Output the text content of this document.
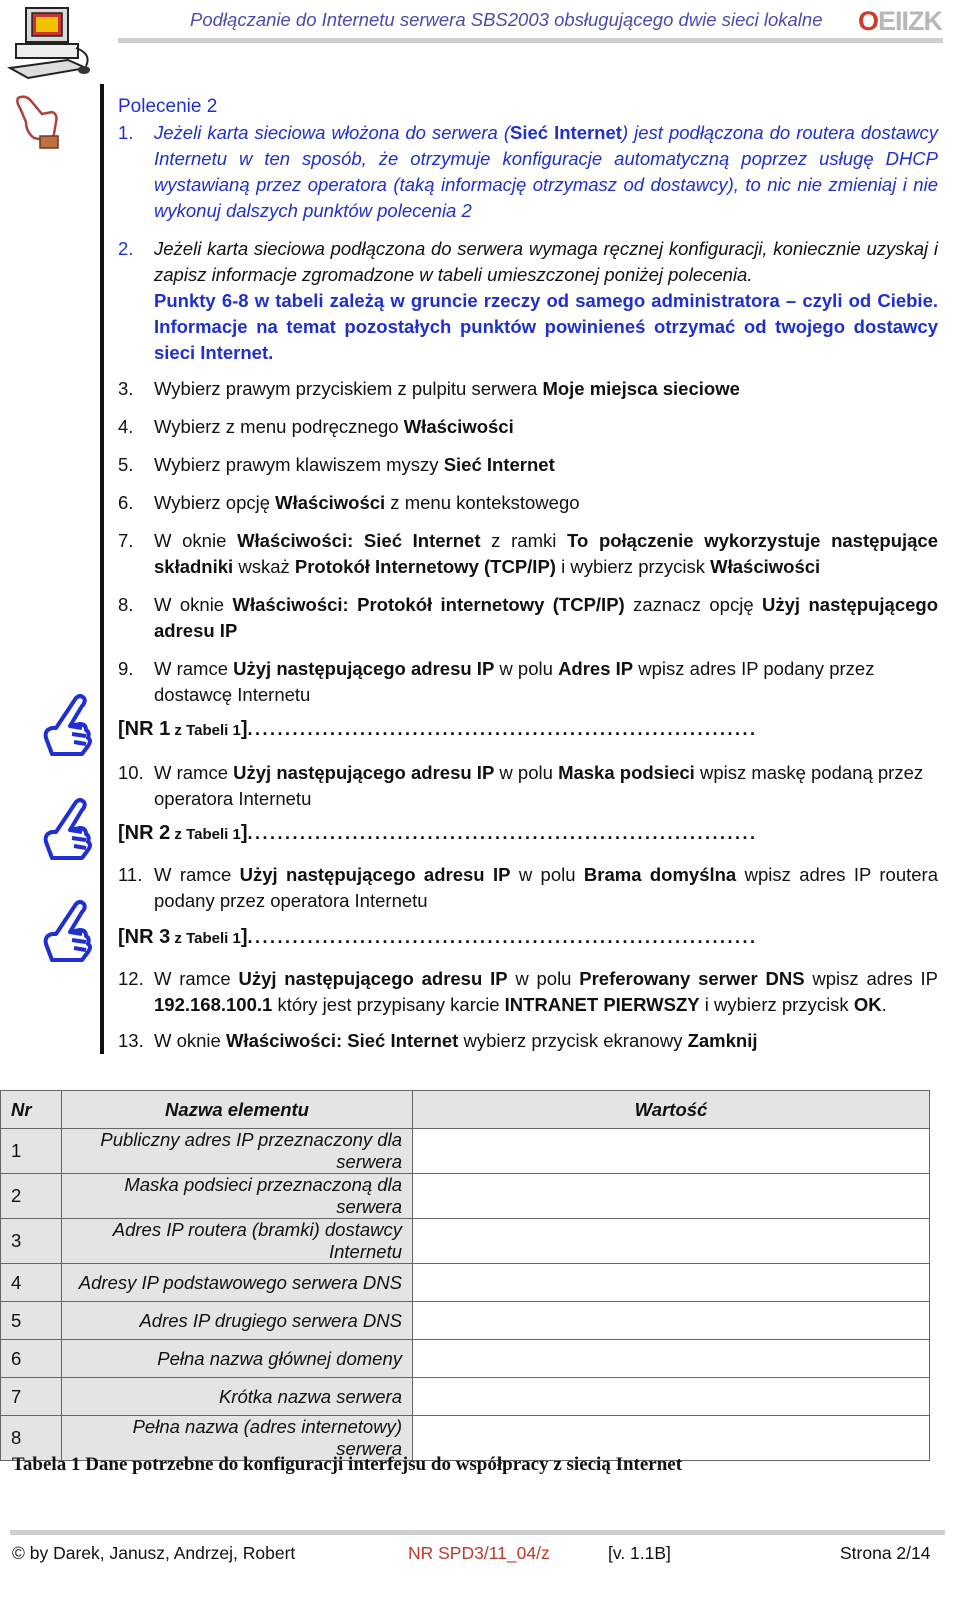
Podłączanie do Internetu serwera SBS2003 obsługującego dwie sieci lokalne OEIIZK
Polecenie 2
1. Jeżeli karta sieciowa włożona do serwera (Sieć Internet) jest podłączona do routera dostawcy Internetu w ten sposób, że otrzymuje konfiguracje automatyczną poprzez usługę DHCP wystawianą przez operatora (taką informację otrzymasz od dostawcy), to nic nie zmieniaj i nie wykonuj dalszych punktów polecenia 2
2. Jeżeli karta sieciowa podłączona do serwera wymaga ręcznej konfiguracji, koniecznie uzyskaj i zapisz informacje zgromadzone w tabeli umieszczonej poniżej polecenia.
Punkty 6-8 w tabeli zależą w gruncie rzeczy od samego administratora – czyli od Ciebie. Informacje na temat pozostałych punktów powinieneś otrzymać od twojego dostawcy sieci Internet.
3. Wybierz prawym przyciskiem z pulpitu serwera Moje miejsca sieciowe
4. Wybierz z menu podręcznego Właściwości
5. Wybierz prawym klawiszem myszy Sieć Internet
6. Wybierz opcję Właściwości z menu kontekstowego
7. W oknie Właściwości: Sieć Internet z ramki To połączenie wykorzystuje następujące składniki wskaż Protokół Internetowy (TCP/IP) i wybierz przycisk Właściwości
8. W oknie Właściwości: Protokół internetowy (TCP/IP) zaznacz opcję Użyj następującego adresu IP
9. W ramce Użyj następującego adresu IP w polu Adres IP wpisz adres IP podany przez dostawcę Internetu
[NR 1 z Tabeli 1]....................................................................
10. W ramce Użyj następującego adresu IP w polu Maska podsieci wpisz maskę podaną przez operatora Internetu
[NR 2 z Tabeli 1]....................................................................
11. W ramce Użyj następującego adresu IP w polu Brama domyślna wpisz adres IP routera podany przez operatora Internetu
[NR 3 z Tabeli 1]....................................................................
12. W ramce Użyj następującego adresu IP w polu Preferowany serwer DNS wpisz adres IP 192.168.100.1 który jest przypisany karcie INTRANET PIERWSZY i wybierz przycisk OK.
13. W oknie Właściwości: Sieć Internet wybierz przycisk ekranowy Zamknij
Nr	Nazwa elementu	Wartość
1	Publiczny adres IP przeznaczony dla serwera	
2	Maska podsieci przeznaczoną dla serwera	
3	Adres IP routera (bramki) dostawcy Internetu	
4	Adresy IP podstawowego serwera DNS	
5	Adres IP drugiego serwera DNS	
6	Pełna nazwa głównej domeny	
7	Krótka nazwa serwera	
8	Pełna nazwa (adres internetowy) serwera	
Tabela 1 Dane potrzebne do konfiguracji interfejsu do współpracy z siecią Internet
© by Darek, Janusz, Andrzej, Robert	NR SPD3/11_04/z	[v. 1.1B]	Strona 2/14
